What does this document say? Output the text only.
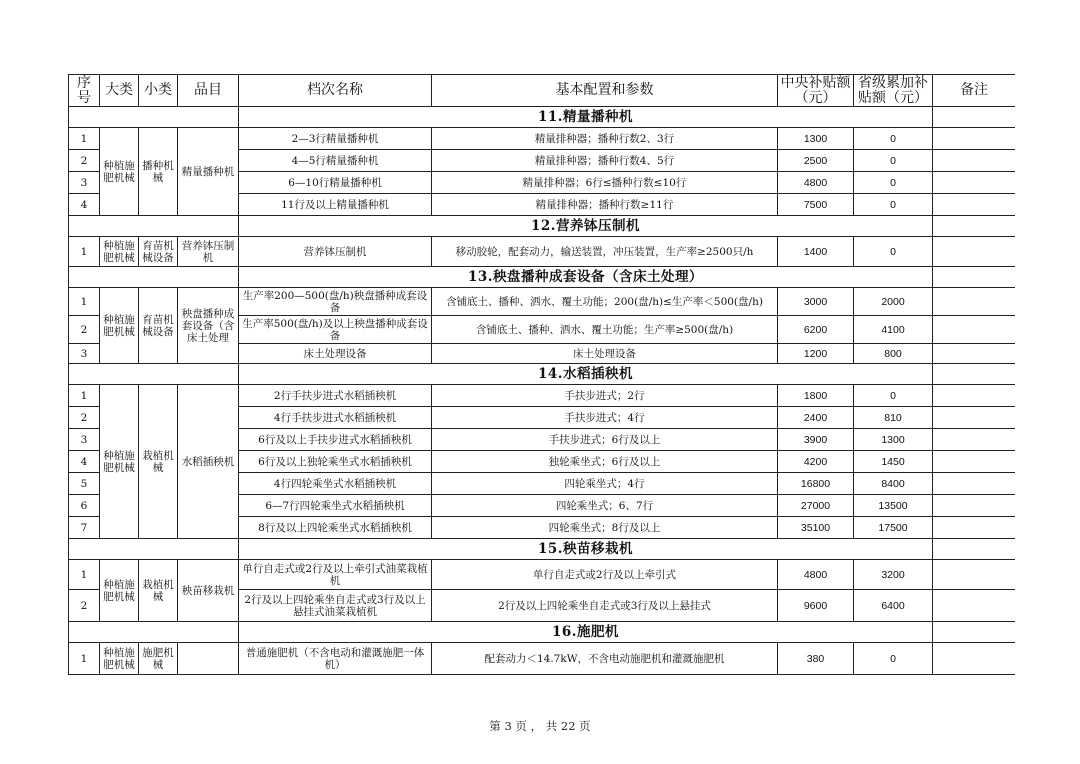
序号	大类	小类	品目	档次名称	基本配置和参数	中央补贴额（元）	省级累加补贴额（元）	备注
				11.精量播种机				
1	种植施肥机械	播种机械	精量播种机	2—3行精量播种机	精量排种器；播种行数2、3行	1300	0	
2				4—5行精量播种机	精量排种器；播种行数4、5行	2500	0	
3				6—10行精量播种机	精量排种器；6行≤播种行数≤10行	4800	0	
4				11行及以上精量播种机	精量排种器；播种行数≥11行	7500	0	
				12.营养钵压制机				
1	种植施肥机械	育苗机械设备	营养钵压制机	营养钵压制机	移动胶轮，配套动力，输送装置，冲压装置，生产率≥2500只/h	1400	0	
				13.秧盘播种成套设备（含床土处理）				
1	种植施肥机械	育苗机械设备	秧盘播种成套设备（含床土处理	生产率200—500(盘/h)秧盘播种成套设备	含铺底土、播种、洒水、覆土功能；200(盘/h)≤生产率＜500(盘/h)	3000	2000	
2				生产率500(盘/h)及以上秧盘播种成套设备	含铺底土、播种、洒水、覆土功能；生产率≥500(盘/h)	6200	4100	
3				床土处理设备	床土处理设备	1200	800	
				14.水稻插秧机				
1	种植施肥机械	栽植机械	水稻插秧机	2行手扶步进式水稻插秧机	手扶步进式；2行	1800	0	
2				4行手扶步进式水稻插秧机	手扶步进式；4行	2400	810	
3				6行及以上手扶步进式水稻插秧机	手扶步进式；6行及以上	3900	1300	
4				6行及以上独轮乘坐式水稻插秧机	独轮乘坐式；6行及以上	4200	1450	
5				4行四轮乘坐式水稻插秧机	四轮乘坐式；4行	16800	8400	
6				6—7行四轮乘坐式水稻插秧机	四轮乘坐式；6、7行	27000	13500	
7				8行及以上四轮乘坐式水稻插秧机	四轮乘坐式；8行及以上	35100	17500	
				15.秧苗移栽机				
1	种植施肥机械	栽植机械	秧苗移栽机	单行自走式或2行及以上牵引式油菜栽植机	单行自走式或2行及以上牵引式	4800	3200	
2				2行及以上四轮乘坐自走式或3行及以上悬挂式油菜栽植机	2行及以上四轮乘坐自走式或3行及以上悬挂式	9600	6400	
				16.施肥机				
1	种植施肥机械	施肥机械		普通施肥机（不含电动和灌溉施肥一体机）	配套动力＜14.7kW，不含电动施肥机和灌溉施肥机	380	0	
第 3 页 ， 共 22 页
